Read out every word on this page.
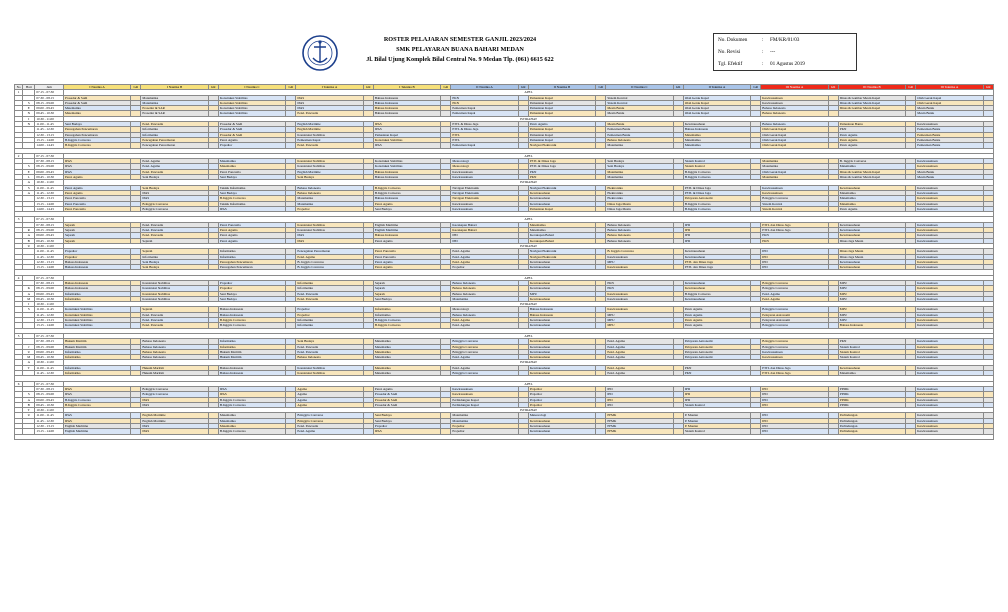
ROSTER PELAJARAN SEMESTER GANJIL 2023/2024
SMK PELAYARAN BUANA BAHARI MEDAN
Jl. Bilal Ujung Komplek Bilal Central No. 9 Medan Tlp. (061) 6615 622
No. Dokumen	:	FM/KR/01/03
No. Revisi	:	---
Tgl. Efektif	:	01 Agustus 2019
No	Hari	Jam	I Nautika A	GR	I Nautika B	GR	I Nautika C	GR	I Teknika A	GR	I Teknika B	GR	II Nautika A	GR	II Nautika B	GR	II Nautika C	GR	II Teknika A	GR	III Nautika A	GR	III Nautika B	GR	III Teknika A	GR
1		07.15 - 07.30	APEL																							
		07.30 - 08.15	Prosedur & SAR		Matematika		Konstruksi Stabilitas		IPAS		Bahasa Indonesia		PKN		Pemesinan Kapal		Sistem Kontrol		Olah Gerak Kapal		Kewirausahaan		Dinas & Gambar Mesin Kapal		Olah Gerak Kapal	
	S	08.15 - 09.00	Prosedur & SAR		Matematika		Konstruksi Stabilitas		IPAS		Bahasa Indonesia		PKN		Pemesinan Kapal		Sistem Kontrol		Olah Gerak Kapal		Kewirausahaan		Dinas & Gambar Mesin Kapal		Olah Gerak Kapal	
	E	09.00 - 09.45	Matematika		Prosedur & SAR		Konstruksi Stabilitas		IPAS		Bahasa Indonesia		Pemesinan Kapal		Pemesinan Kapal		Mesin Bantu		Olah Gerak Kapal		Bahasa Indonesia		Dinas & Gambar Mesin Kapal		Mesin Bantu	
	N	09.45 - 10.30	Matematika		Prosedur & SAR		Konstruksi Stabilitas		Pend. Pancasila		Bahasa Indonesia		Pemesinan Kapal		Pemesinan Kapal		Mesin Bantu		Olah Gerak Kapal		Bahasa Indonesia				Mesin Bantu	
	I	10.30 - 11.00	ISTIRAHAT																							
	N	11.00 - 11.45	Seni Budaya		Pend. Pancasila		Prosedur & SAR		English Maritime		IPAS		P3TL & Dinas Jaga		Pend. Agama		Mesin Bantu		Kewirausahaan		Bahasa Indonesia		Pemesinan Bantu		Kewirausahaan	
		11.45 - 12.30	Pencegahan Pencemaran		Informatika		Prosedur & SAR		English Maritime		IPAS		P3TL & Dinas Jaga		Pemesinan Kapal		Pemesinan Bantu		Bahasa Indonesia		Olah Gerak Kapal		PKN		Pemesinan Bantu	
		12.30 - 13.15	Pencegahan Pencemaran		Informatika		Prosedur & SAR		Konstruksi Stabilitas		Pemesinan Kapal		P3TL		Pemesinan Kapal		Pemesinan Bantu		Matematika		Olah Gerak Kapal		Pend. Agama		Pemesinan Bantu	
		13.15 - 14.00	B.Inggris Conversa		Pencegahan Pencemaran		Pend. Agama		Pemesinan Kapal		Konstruksi Stabilitas		P3TL		Pemesinan Kapal		Bahasa Indonesia		Matematika		Olah Gerak Kapal		Pend. Agama		Pemesinan Bantu	
		14.00 - 14.45	B.Inggris Conversa		Pencegahan Pencemaran		Projedtor		Pend. Pancasila		IPAS		Pemesinan Kapal		Navigasi Elektronik		Matematika		Matematika		Olah Gerak Kapal		Pend. Agama		Pemesinan Bantu	

2		07.15 - 07.30	APEL																							
		07.30 - 08.15	IPAS		Pend. Agama		Matematika		Konstruksi Stabilitas		Konstruksi Stabilitas		Meteorologi		P3TL & Dinas Jaga		Seni Budaya		Sistem Kontrol		Matematika		B. Inggris Conversa		Kewirausahaan	
	S	08.15 - 09.00	IPAS		Pend. Agama		Matematika		Konstruksi Stabilitas		Konstruksi Stabilitas		Meteorologi		P3TL & Dinas Jaga		Seni Budaya		Sistem Kontrol		Matematika		Matematika		Kewirausahaan	
	E	09.00 - 09.45	IPAS		Pend. Pancasila		Pend. Pancasila		English Maritime		Bahasa Indonesia		Kewirausahaan		PKN		Matematika		B.Inggris Conversa		Olah Gerak Kapal		Dinas & Gambar Mesin Kapal		Mesin Bantu	
	L	09.45 - 10.30	Pend. Agama		Seni Budaya		Seni Budaya		Seni Budaya		Bahasa Indonesia		Kewirausahaan		PKN		Matematika		B.Inggris Conversa		Matematika		Dinas & Gambar Mesin Kapal		Mesin Bantu	
	A	10.30 - 11.00	ISTIRAHAT																							
	S	11.00 - 11.45	Pend. Agama		Seni Budaya		Teknik Informatika		Bahasa Indonesia		B.Inggris Conversa		Navigasi Elektronik		Navigasi Elektronik		Elektronika		P3TL & Dinas Jaga		Kewirausahaan		Kewirausahaan		Kewirausahaan	
	A	11.45 - 12.30	Pend. Agama		IPAS		Seni Budaya		Bahasa Indonesia		B.Inggris Conversa		Navigasi Elektronik		Kewirausahaan		Elektronika		P3TL & Dinas Jaga		Kewirausahaan		Matematika		Kewirausahaan	
		12.30 - 13.15	Pend. Pancasila		IPAS		B.Inggris Conversa		Matematika		Bahasa Indonesia		Navigasi Elektronik		Kewirausahaan		Elektronika		Pelayaran Astronomi		B.Inggris Conversa		Matematika		Kewirausahaan	
		13.15 - 14.00	Pend. Pancasila		B.Inggris Conversa		Teknik Informatika		Matematika		Pend. Agama		Kewirausahaan		Kewirausahaan		Dinas Jaga Mesin		B.Inggris Conversa		Sistem Kontrol		Matematika		Kewirausahaan	
		14.00 - 14.45	Pend. Pancasila		B.Inggris Conversa		IPAS		Projedtor		Seni Budaya		Kewirausahaan		Pemesinan Kapal		Dinas Jaga Mesin		B.Inggris Conversa		Sistem Kontrol		Pend. Agama		Kewirausahaan	

3		07.15 - 07.30	APEL																							
		07.30 - 08.15	Sejarah		Pend. Pancasila		Pend. Pancasila		Konstruksi Stabilitas		English Maritime		Kecakapan Bahari		Matematika		Bahasa Indonesia		IPD		P3TL dan Dinas Jaga		Kewirausahaan		Kewirausahaan	
	R	08.15 - 09.00	Sejarah		Pend. Pancasila		Pend. Agama		Konstruksi Stabilitas		English Maritime		Kecakapan Bahari		Matematika		Bahasa Indonesia		IPD		P3TL dan Dinas Jaga		Kewirausahaan		Kewirausahaan	
	A	09.00 - 09.45	Sejarah		Pend. Pancasila		Pend. Agama		IPAS		Bahasa Indonesia		IPD		Kecakapan Bahari		Bahasa Indonesia		IPD		PKN		Kewirausahaan		Kewirausahaan	
	B	09.45 - 10.30	Sejarah		Sejarah		Pend. Agama		IPAS		Pend. Agama		IPD		Kecakapan Bahari		Bahasa Indonesia		IPD		PKN		Dinas Jaga Mesin		Kewirausahaan	
	U	10.30 - 11.00	ISTIRAHAT																							
		11.00 - 11.45	Projedtor		Sejarah		Informatika		Pencegahan Pencemaran		Pend. Pancasila		Pend. Agama		Navigasi Elektronik		B. Inggris Conversa		Kewirausahaan		IPD		Dinas Jaga Mesin		Kewirausahaan	
		11.45 - 12.30	Projedtor		Informatika		Informatika		Pend. Agama		Pend. Pancasila		Pend. Agama		Navigasi Elektronik		Kewirausahaan		Kewirausahaan		IPD		Dinas Jaga Mesin		Kewirausahaan	
		12.30 - 13.15	Bahasa Indonesia		Seni Budaya		Pencegahan Pencemaran		B. Inggris Conversa		Pend. Agama		Pend. Agama		Kewirausahaan		MPU		P3TL dan Dinas Jaga		IPD		Kewirausahaan		Kewirausahaan	
		13.15 - 14.00	Bahasa Indonesia		Seni Budaya		Pencegahan Pencemaran		B. Inggris Conversa		Pend. Agama		Projedtor		Kewirausahaan		Kewirausahaan		P3TL dan Dinas Jaga		IPD		Kewirausahaan		Kewirausahaan	

4		07.15 - 07.30	APEL																							
		07.30 - 08.15	Bahasa Indonesia		Konstruksi Stabilitas		Projedtor		Informatika		Sejarah		Bahasa Indonesia		Kewirausahaan		PKN		Kewirausahaan		B.Inggris Conversa		MPU		Kewirausahaan	
	K	08.15 - 09.00	Bahasa Indonesia		Konstruksi Stabilitas		Projedtor		Informatika		Sejarah		Bahasa Indonesia		Kewirausahaan		PKN		Kewirausahaan		B.Inggris Conversa		MPU		Kewirausahaan	
	A	09.00 - 09.45	Informatika		Konstruksi Stabilitas		Seni Budaya		Pend. Pancasila		Sejarah		Bahasa Indonesia		MPU		Kewirausahaan		B.Inggris Conversa		Pend. Agama		MPU		Kewirausahaan	
	M	09.45 - 10.30	Informatika		Konstruksi Stabilitas		Seni Budaya		Pend. Pancasila		Seni Budaya		Matematika		Kewirausahaan		Kewirausahaan		Kewirausahaan		Pend. Agama		MPU		Kewirausahaan	
	I	10.30 - 11.00	ISTIRAHAT																							
	S	11.00 - 11.45	Konstruksi Stabilitas		Sejarah		Bahasa Indonesia		Projedtor		Informatika		Meteorologi		Bahasa Indonesia		Kewirausahaan		Pend. Agama		B.Inggris Conversa		MPU		Kewirausahaan	
		11.45 - 12.30	Konstruksi Stabilitas		Pend. Pancasila		Bahasa Indonesia		Projedtor		Informatika		Bahasa Indonesia		Bahasa Indonesia		MPU		Pend. Agama		Pelayaran Astronomi		MPU		Kewirausahaan	
		12.30 - 13.15	Konstruksi Stabilitas		Pend. Pancasila		B.Inggris Conversa		Informatika		B.Inggris Conversa		Pend. Agama		Kewirausahaan		MPU		Pend. Agama		Pelayaran Astronomi		MPU		Kewirausahaan	
		13.15 - 14.00	Konstruksi Stabilitas		Pend. Pancasila		B.Inggris Conversa		Informatika		B.Inggris Conversa		Pend. Agama		Kewirausahaan		MPU		Pend. Agama		B.Inggris Conversa		Bahasa Indonesia		Kewirausahaan	

5		07.15 - 07.30	APEL																							
		07.30 - 08.15	Hukum Maritim		Bahasa Indonesia		Informatika		Seni Budaya		Matematika		B.Inggris Conversa		Kewirausahaan		Pend. Agama		Pelayaran Astronomi		B.Inggris Conversa		PKN		Kewirausahaan	
	J	08.15 - 09.00	Hukum Maritim		Bahasa Indonesia		Informatika		Pend. Pancasila		Matematika		B.Inggris Conversa		Kewirausahaan		Pend. Agama		Pelayaran Astronomi		B.Inggris Conversa		Sistem Kontrol		Kewirausahaan	
	U	09.00 - 09.45	Informatika		Bahasa Indonesia		Hukum Maritim		Pend. Pancasila		Matematika		B.Inggris Conversa		Kewirausahaan		Pend. Agama		Pelayaran Astronomi		Kewirausahaan		Sistem Kontrol		Kewirausahaan	
	M	09.45 - 10.30	Informatika		Bahasa Indonesia		Hukum Maritim		Bahasa Indonesia		Matematika		Pend. Agama		Kewirausahaan		Pend. Agama		Pelayaran Astronomi		Kewirausahaan		Sistem Kontrol		Kewirausahaan	
	A	10.30 - 11.00	ISTIRAHAT																							
	T	11.00 - 11.45	Informatika		Hukum Maritim		Bahasa Indonesia		Konstruksi Stabilitas		Matematika		Pend. Agama		Kewirausahaan		Pend. Agama		PKN		P3TL dan Dinas Jaga		Kewirausahaan		Kewirausahaan	
		11.45 - 12.30	Informatika		Hukum Maritim		Bahasa Indonesia		Konstruksi Stabilitas		Matematika		B.Inggris Conversa		Kewirausahaan		Pend. Agama		PKN		P3TL dan Dinas Jaga		Matematika		Kewirausahaan	

6		07.15 - 07.30	APEL																							
		07.30 - 08.15	IPAS		B.Inggris Conversa		IPAS		Agama		Pend. Agama		Kewirausahaan		Projedtor		IPD		IPD		IPD		PPMK		Kewirausahaan	
	S	08.15 - 09.00	IPAS		B.Inggris Conversa		IPAS		Agama		Prosedur & SAR		Kewirausahaan		Projedtor		IPD		IPD		IPD		PPMK		Kewirausahaan	
	A	09.00 - 09.45	B.Inggris Conversa		IPAS		B.Inggris Conversa		Agama		Prosedur & SAR		Perlindungan Kapal		Projedtor		IPD		IPD		IPD		PPMK		Kewirausahaan	
	B	09.45 - 10.30	B.Inggris Conversa		IPAS		B.Inggris Conversa		Agama		Prosedur & SAR		Perlindungan Kapal		Projedtor		IPD		Sistem Kontrol		IPD		PPMK		Kewirausahaan	
	T	10.30 - 11.00	ISTIRAHAT																							
	U	11.00 - 11.45	IPAS		English Maritime		Matematika		B.Inggris Conversa		Seni Budaya		Matematika		Meteorologi		PPMK		P. Muatan		IPD		Perlindungan		Kewirausahaan	
		11.45 - 12.30	IPAS		English Maritime		Matematika		B.Inggris Conversa		Seni Budaya		Matematika		Kewirausahaan		PPMK		P. Muatan		IPD		Perlindungan		Kewirausahaan	
		12.30 - 13.15	English Maritime		IPAS		Matematika		Pend. Pancasila		Projedtor		Projedtor		Kewirausahaan		PPMK		P. Muatan		IPD		Perlindungan		Kewirausahaan	
		13.15 - 14.00	English Maritime		IPAS		B.Inggris Conversa		Pend. Agama		IPAS		Projedtor		Kewirausahaan		PPMK		Sistem Kontrol		IPD		Perlindungan		Kewirausahaan	
